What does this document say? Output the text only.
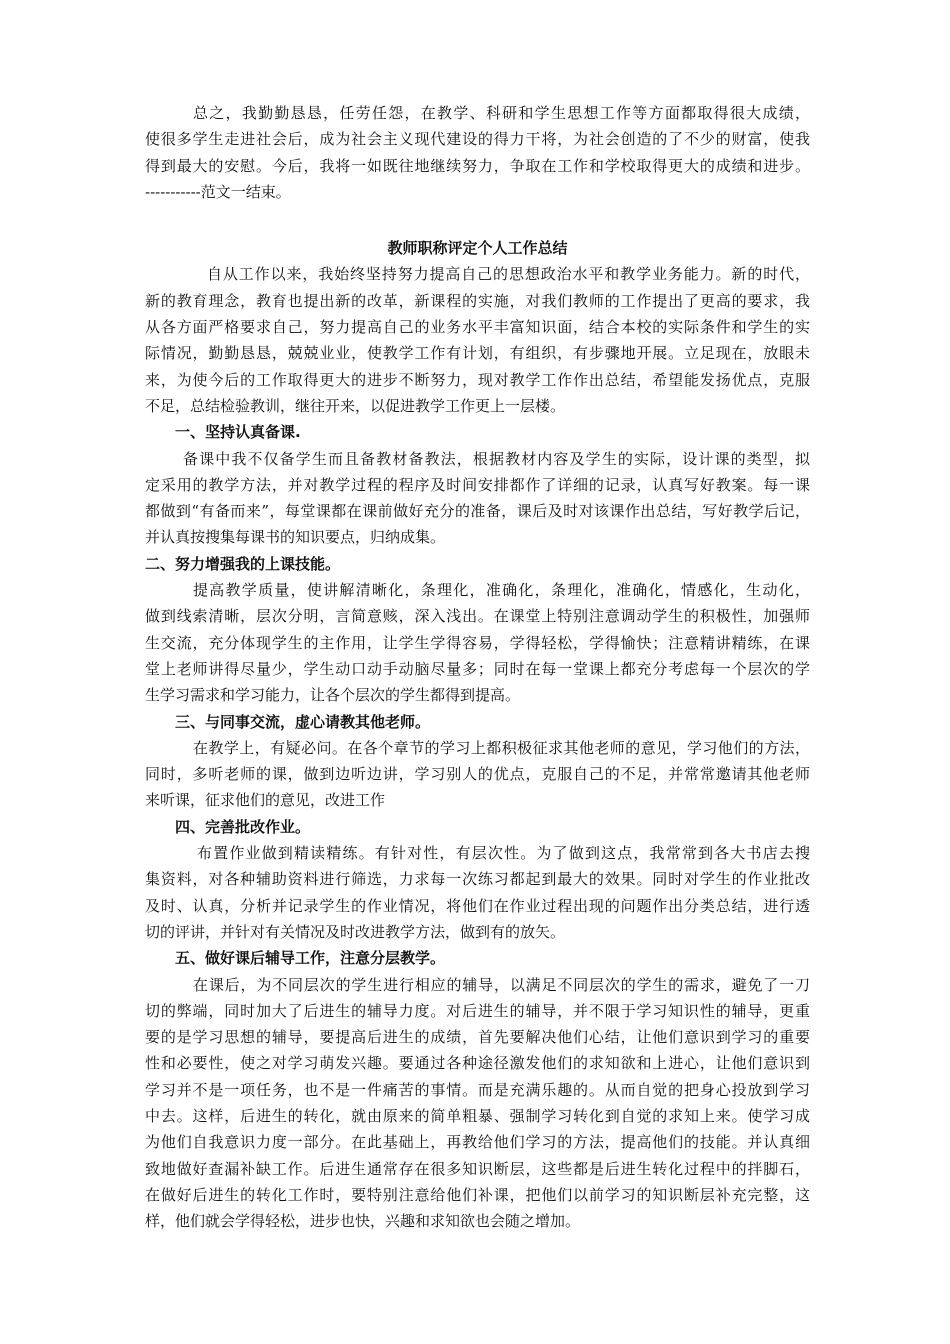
总之，我勤勤恳恳，任劳任怨，在教学、科研和学生思想工作等方面都取得很大成绩，

使很多学生走进社会后，成为社会主义现代建设的得力干将，为社会创造的了不少的财富，使我

得到最大的安慰。今后，我将一如既往地继续努力，争取在工作和学校取得更大的成绩和进步。

-----------范文一结束。

教师职称评定个人工作总结

自从工作以来，我始终坚持努力提高自己的思想政治水平和教学业务能力。新的时代，

新的教育理念，教育也提出新的改革，新课程的实施，对我们教师的工作提出了更高的要求，我

从各方面严格要求自己，努力提高自己的业务水平丰富知识面，结合本校的实际条件和学生的实

际情况，勤勤恳恳，兢兢业业，使教学工作有计划，有组织，有步骤地开展。立足现在，放眼未

来，为使今后的工作取得更大的进步不断努力，现对教学工作作出总结，希望能发扬优点，克服

不足，总结检验教训，继往开来，以促进教学工作更上一层楼。

一、坚持认真备课.

备课中我不仅备学生而且备教材备教法，根据教材内容及学生的实际，设计课的类型，拟

定采用的教学方法，并对教学过程的程序及时间安排都作了详细的记录，认真写好教案。每一课

都做到“有备而来”，每堂课都在课前做好充分的准备，课后及时对该课作出总结，写好教学后记，

并认真按搜集每课书的知识要点，归纳成集。

二、努力增强我的上课技能。

提高教学质量，使讲解清晰化，条理化，准确化，条理化，准确化，情感化，生动化，

做到线索清晰，层次分明，言简意赅，深入浅出。在课堂上特别注意调动学生的积极性，加强师

生交流，充分体现学生的主作用，让学生学得容易，学得轻松，学得愉快；注意精讲精练，在课

堂上老师讲得尽量少，学生动口动手动脑尽量多；同时在每一堂课上都充分考虑每一个层次的学

生学习需求和学习能力，让各个层次的学生都得到提高。

三、与同事交流，虚心请教其他老师。

在教学上，有疑必问。在各个章节的学习上都积极征求其他老师的意见，学习他们的方法，

同时，多听老师的课，做到边听边讲，学习别人的优点，克服自己的不足，并常常邀请其他老师

来听课，征求他们的意见，改进工作

四、完善批改作业。

布置作业做到精读精练。有针对性，有层次性。为了做到这点，我常常到各大书店去搜

集资料，对各种辅助资料进行筛选，力求每一次练习都起到最大的效果。同时对学生的作业批改

及时、认真，分析并记录学生的作业情况，将他们在作业过程出现的问题作出分类总结，进行透

切的评讲，并针对有关情况及时改进教学方法，做到有的放矢。

五、做好课后辅导工作，注意分层教学。

在课后，为不同层次的学生进行相应的辅导，以满足不同层次的学生的需求，避免了一刀

切的弊端，同时加大了后进生的辅导力度。对后进生的辅导，并不限于学习知识性的辅导，更重

要的是学习思想的辅导，要提高后进生的成绩，首先要解决他们心结，让他们意识到学习的重要

性和必要性，使之对学习萌发兴趣。要通过各种途径激发他们的求知欲和上进心，让他们意识到

学习并不是一项任务，也不是一件痛苦的事情。而是充满乐趣的。从而自觉的把身心投放到学习

中去。这样，后进生的转化，就由原来的简单粗暴、强制学习转化到自觉的求知上来。使学习成

为他们自我意识力度一部分。在此基础上，再教给他们学习的方法，提高他们的技能。并认真细

致地做好查漏补缺工作。后进生通常存在很多知识断层，这些都是后进生转化过程中的拌脚石，

在做好后进生的转化工作时，要特别注意给他们补课，把他们以前学习的知识断层补充完整，这

样，他们就会学得轻松，进步也快，兴趣和求知欲也会随之增加。
